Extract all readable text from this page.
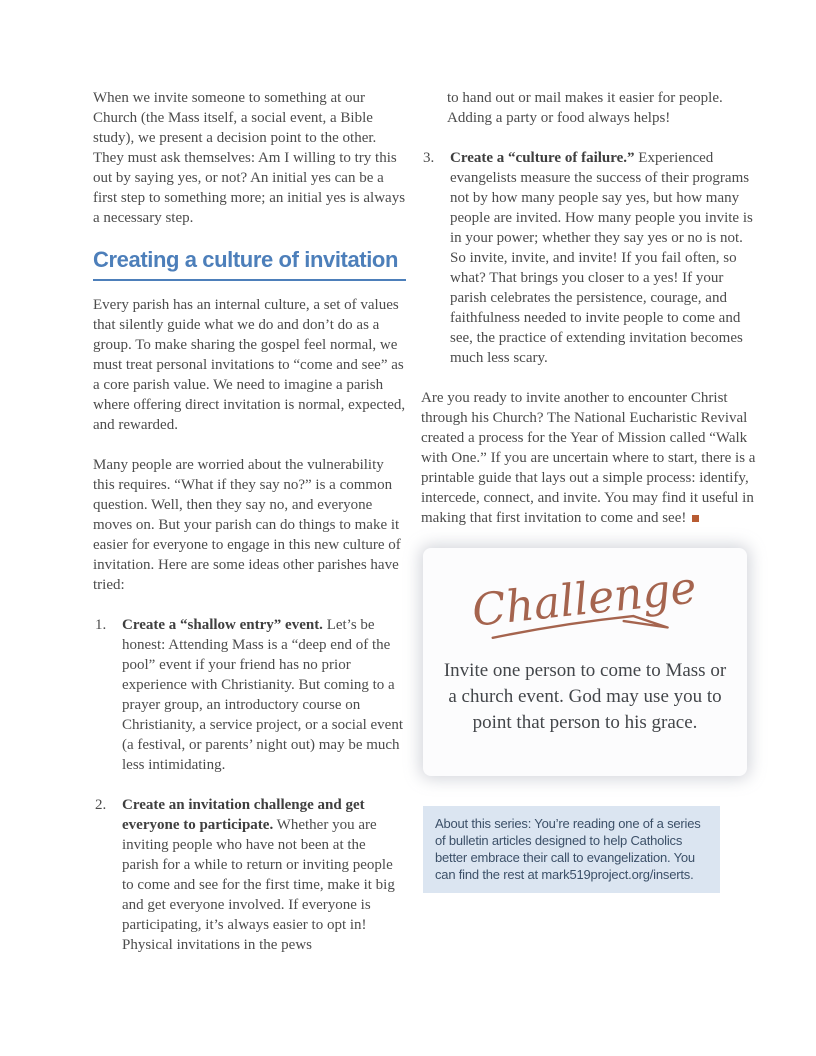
When we invite someone to something at our Church (the Mass itself, a social event, a Bible study), we present a decision point to the other. They must ask themselves: Am I willing to try this out by saying yes, or not? An initial yes can be a first step to something more; an initial yes is always a necessary step.

Creating a culture of invitation

Every parish has an internal culture, a set of values that silently guide what we do and don’t do as a group. To make sharing the gospel feel normal, we must treat personal invitations to “come and see” as a core parish value. We need to imagine a parish where offering direct invitation is normal, expected, and rewarded.

Many people are worried about the vulnerability this requires. “What if they say no?” is a common question. Well, then they say no, and everyone moves on. But your parish can do things to make it easier for everyone to engage in this new culture of invitation. Here are some ideas other parishes have tried:

1.	Create a “shallow entry” event. Let’s be honest: Attending Mass is a “deep end of the pool” event if your friend has no prior experience with Christianity. But coming to a prayer group, an introductory course on Christianity, a service project, or a social event (a festival, or parents’ night out) may be much less intimidating.
2.	Create an invitation challenge and get everyone to participate. Whether you are inviting people who have not been at the parish for a while to return or inviting people to come and see for the first time, make it big and get everyone involved. If everyone is participating, it’s always easier to opt in! Physical invitations in the pews

to hand out or mail makes it easier for people. Adding a party or food always helps!

3.	Create a “culture of failure.” Experienced evangelists measure the success of their programs not by how many people say yes, but how many people are invited. How many people you invite is in your power; whether they say yes or no is not. So invite, invite, and invite! If you fail often, so what? That brings you closer to a yes! If your parish celebrates the persistence, courage, and faithfulness needed to invite people to come and see, the practice of extending invitation becomes much less scary.

Are you ready to invite another to encounter Christ through his Church? The National Eucharistic Revival created a process for the Year of Mission called “Walk with One.” If you are uncertain where to start, there is a printable guide that lays out a simple process: identify, intercede, connect, and invite. You may find it useful in making that first invitation to come and see!

Challenge
Invite one person to come to Mass or a church event. God may use you to point that person to his grace.
About this series: You’re reading one of a series of bulletin articles designed to help Catholics better embrace their call to evangelization. You can find the rest at mark519project.org/inserts.
